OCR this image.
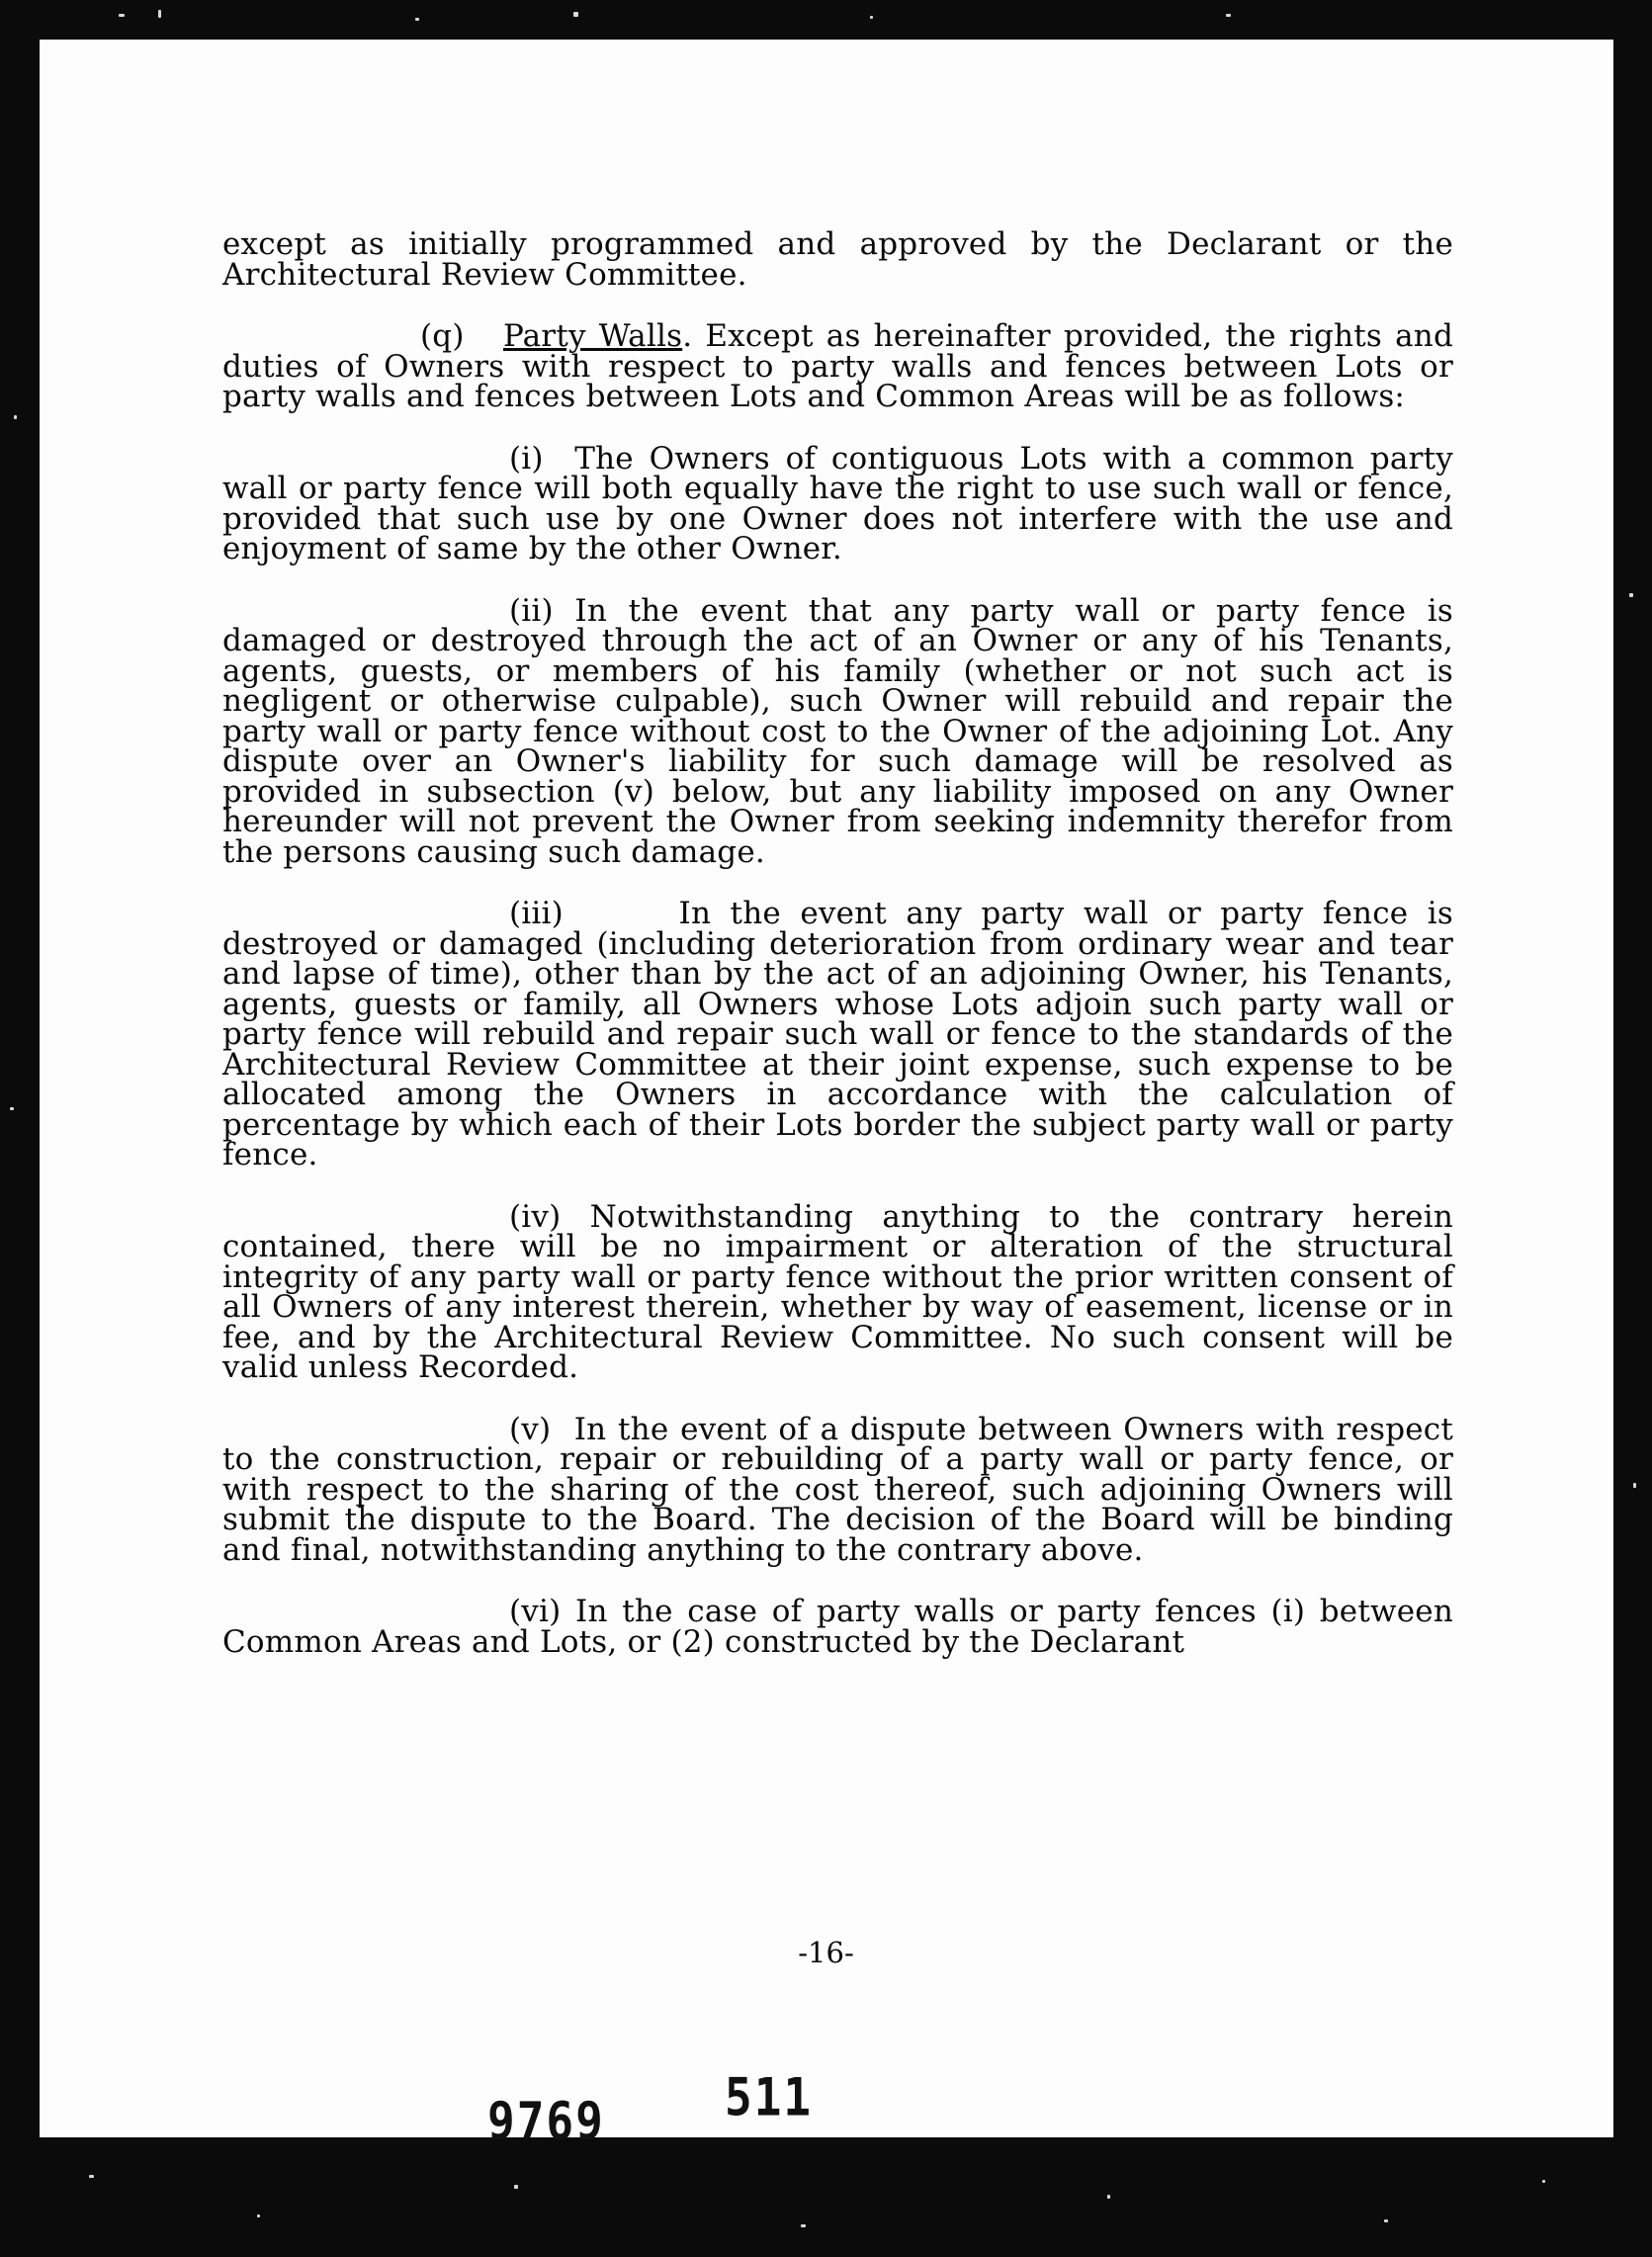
except as initially programmed and approved by the Declarant or the Architectural Review Committee.

(q) Party Walls. Except as hereinafter provided, the rights and duties of Owners with respect to party walls and fences between Lots or party walls and fences between Lots and Common Areas will be as follows:

(i) The Owners of contiguous Lots with a common party wall or party fence will both equally have the right to use such wall or fence, provided that such use by one Owner does not interfere with the use and enjoyment of same by the other Owner.

(ii) In the event that any party wall or party fence is damaged or destroyed through the act of an Owner or any of his Tenants, agents, guests, or members of his family (whether or not such act is negligent or otherwise culpable), such Owner will rebuild and repair the party wall or party fence without cost to the Owner of the adjoining Lot. Any dispute over an Owner's liability for such damage will be resolved as provided in subsection (v) below, but any liability imposed on any Owner hereunder will not prevent the Owner from seeking indemnity therefor from the persons causing such damage.

(iii)	In the event any party wall or party fence is destroyed or damaged (including deterioration from ordinary wear and tear and lapse of time), other than by the act of an adjoining Owner, his Tenants, agents, guests or family, all Owners whose Lots adjoin such party wall or party fence will rebuild and repair such wall or fence to the standards of the Architectural Review Committee at their joint expense, such expense to be allocated among the Owners in accordance with the calculation of percentage by which each of their Lots border the subject party wall or party fence.

(iv) Notwithstanding anything to the contrary herein contained, there will be no impairment or alteration of the structural integrity of any party wall or party fence without the prior written consent of all Owners of any interest therein, whether by way of easement, license or in fee, and by the Architectural Review Committee. No such consent will be valid unless Recorded.

(v) In the event of a dispute between Owners with respect to the construction, repair or rebuilding of a party wall or party fence, or with respect to the sharing of the cost thereof, such adjoining Owners will submit the dispute to the Board. The decision of the Board will be binding and final, notwithstanding anything to the contrary above.

(vi) In the case of party walls or party fences (i) between Common Areas and Lots, or (2) constructed by the Declarant

-16-
9769	511
